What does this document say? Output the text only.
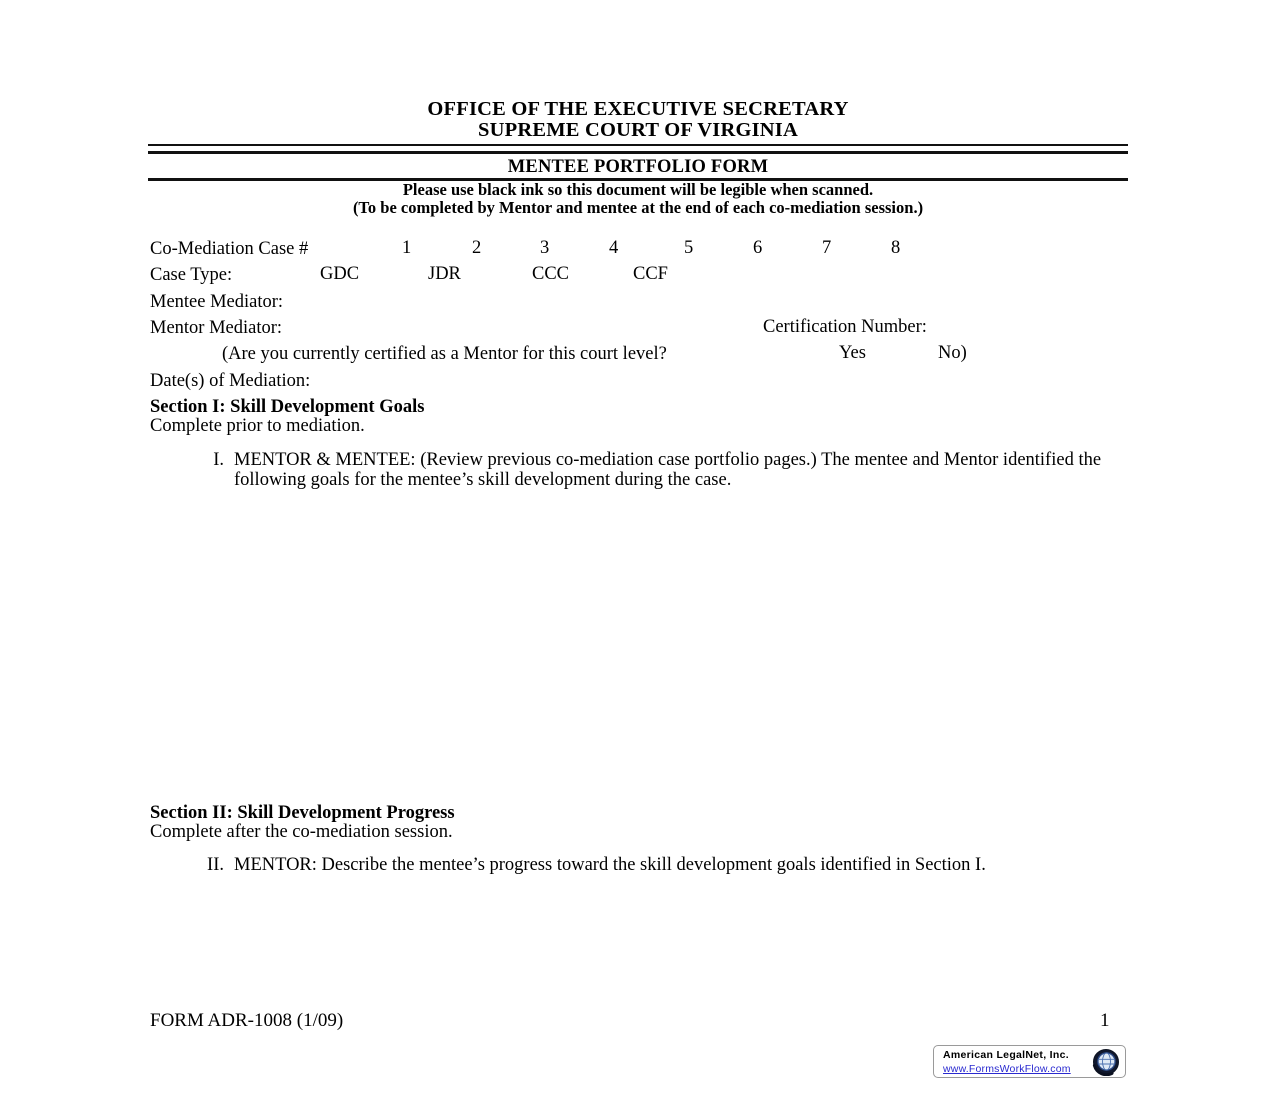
OFFICE OF THE EXECUTIVE SECRETARY
SUPREME COURT OF VIRGINIA
MENTEE PORTFOLIO FORM
Please use black ink so this document will be legible when scanned.
(To be completed by Mentor and mentee at the end of each co-mediation session.)
Co-Mediation Case #	1	2	3	4	5	6	7	8
Case Type:	GDC	JDR	CCC	CCF
Mentee Mediator:
Mentor Mediator:	Certification Number:
(Are you currently certified as a Mentor for this court level?	Yes	No)
Date(s) of Mediation:
Section I: Skill Development Goals
Complete prior to mediation.
I. MENTOR & MENTEE: (Review previous co-mediation case portfolio pages.) The mentee and Mentor identified the following goals for the mentee’s skill development during the case.
Section II: Skill Development Progress
Complete after the co-mediation session.
II. MENTOR: Describe the mentee’s progress toward the skill development goals identified in Section I.
FORM ADR-1008 (1/09)	1
American LegalNet, Inc.
www.FormsWorkFlow.com
